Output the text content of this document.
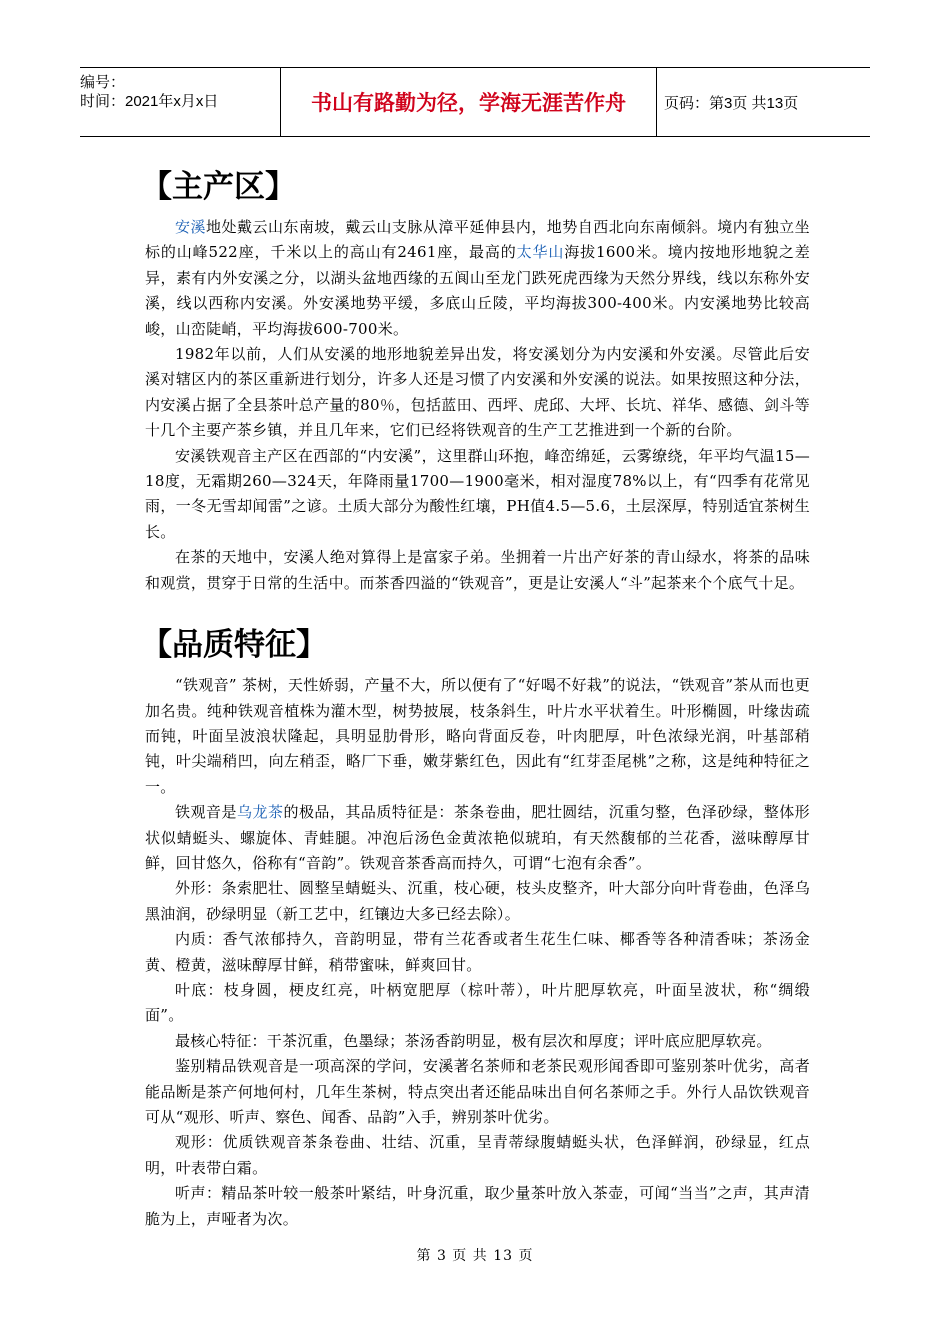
编号：
时间：2021年x月x日	书山有路勤为径，学海无涯苦作舟	页码：第3页 共13页
【主产区】

安溪地处戴云山东南坡，戴云山支脉从漳平延伸县内，地势自西北向东南倾斜。境内有独立坐标的山峰522座，千米以上的高山有2461座，最高的太华山海拔1600米。境内按地形地貌之差异，素有内外安溪之分，以湖头盆地西缘的五阆山至龙门跌死虎西缘为天然分界线，线以东称外安溪，线以西称内安溪。外安溪地势平缓，多底山丘陵，平均海拔300-400米。内安溪地势比较高峻，山峦陡峭，平均海拔600-700米。

1982年以前，人们从安溪的地形地貌差异出发，将安溪划分为内安溪和外安溪。尽管此后安溪对辖区内的茶区重新进行划分，许多人还是习惯了内安溪和外安溪的说法。如果按照这种分法，内安溪占据了全县茶叶总产量的80％，包括蓝田、西坪、虎邱、大坪、长坑、祥华、感德、剑斗等十几个主要产茶乡镇，并且几年来，它们已经将铁观音的生产工艺推进到一个新的台阶。

安溪铁观音主产区在西部的“内安溪”，这里群山环抱，峰峦绵延，云雾缭绕，年平均气温15—18度，无霜期260—324天，年降雨量1700—1900毫米，相对湿度78%以上，有“四季有花常见雨，一冬无雪却闻雷”之谚。土质大部分为酸性红壤，PH值4.5—5.6，土层深厚，特别适宜茶树生长。

在茶的天地中，安溪人绝对算得上是富家子弟。坐拥着一片出产好茶的青山绿水，将茶的品味和观赏，贯穿于日常的生活中。而茶香四溢的“铁观音”，更是让安溪人“斗”起茶来个个底气十足。

【品质特征】

“铁观音” 茶树，天性娇弱，产量不大，所以便有了“好喝不好栽”的说法，“铁观音”茶从而也更加名贵。纯种铁观音植株为灌木型，树势披展，枝条斜生，叶片水平状着生。叶形椭圆，叶缘齿疏而钝，叶面呈波浪状隆起，具明显肋骨形，略向背面反卷，叶肉肥厚，叶色浓绿光润，叶基部稍钝，叶尖端稍凹，向左稍歪，略厂下垂，嫩芽紫红色，因此有“红芽歪尾桃”之称，这是纯种特征之一。

铁观音是乌龙茶的极品，其品质特征是：茶条卷曲，肥壮圆结，沉重匀整，色泽砂绿，整体形状似蜻蜓头、螺旋体、青蛙腿。冲泡后汤色金黄浓艳似琥珀，有天然馥郁的兰花香，滋味醇厚甘鲜，回甘悠久，俗称有“音韵”。铁观音茶香高而持久，可谓“七泡有余香”。

外形：条索肥壮、圆整呈蜻蜓头、沉重，枝心硬，枝头皮整齐，叶大部分向叶背卷曲，色泽乌黑油润，砂绿明显（新工艺中，红镶边大多已经去除）。

内质：香气浓郁持久，音韵明显，带有兰花香或者生花生仁味、椰香等各种清香味；茶汤金黄、橙黄，滋味醇厚甘鲜，稍带蜜味，鲜爽回甘。

叶底：枝身圆，梗皮红亮，叶柄宽肥厚（棕叶蒂），叶片肥厚软亮，叶面呈波状，称“绸缎面”。

最核心特征：干茶沉重，色墨绿；茶汤香韵明显，极有层次和厚度；评叶底应肥厚软亮。

鉴别精品铁观音是一项高深的学问，安溪著名茶师和老茶民观形闻香即可鉴别茶叶优劣，高者能品断是茶产何地何村，几年生茶树，特点突出者还能品味出自何名茶师之手。外行人品饮铁观音可从“观形、听声、察色、闻香、品韵”入手，辨别茶叶优劣。

观形：优质铁观音茶条卷曲、壮结、沉重，呈青蒂绿腹蜻蜓头状，色泽鲜润，砂绿显，红点明，叶表带白霜。

听声：精品茶叶较一般茶叶紧结，叶身沉重，取少量茶叶放入茶壶，可闻“当当”之声，其声清脆为上，声哑者为次。

第 3 页 共 13 页
